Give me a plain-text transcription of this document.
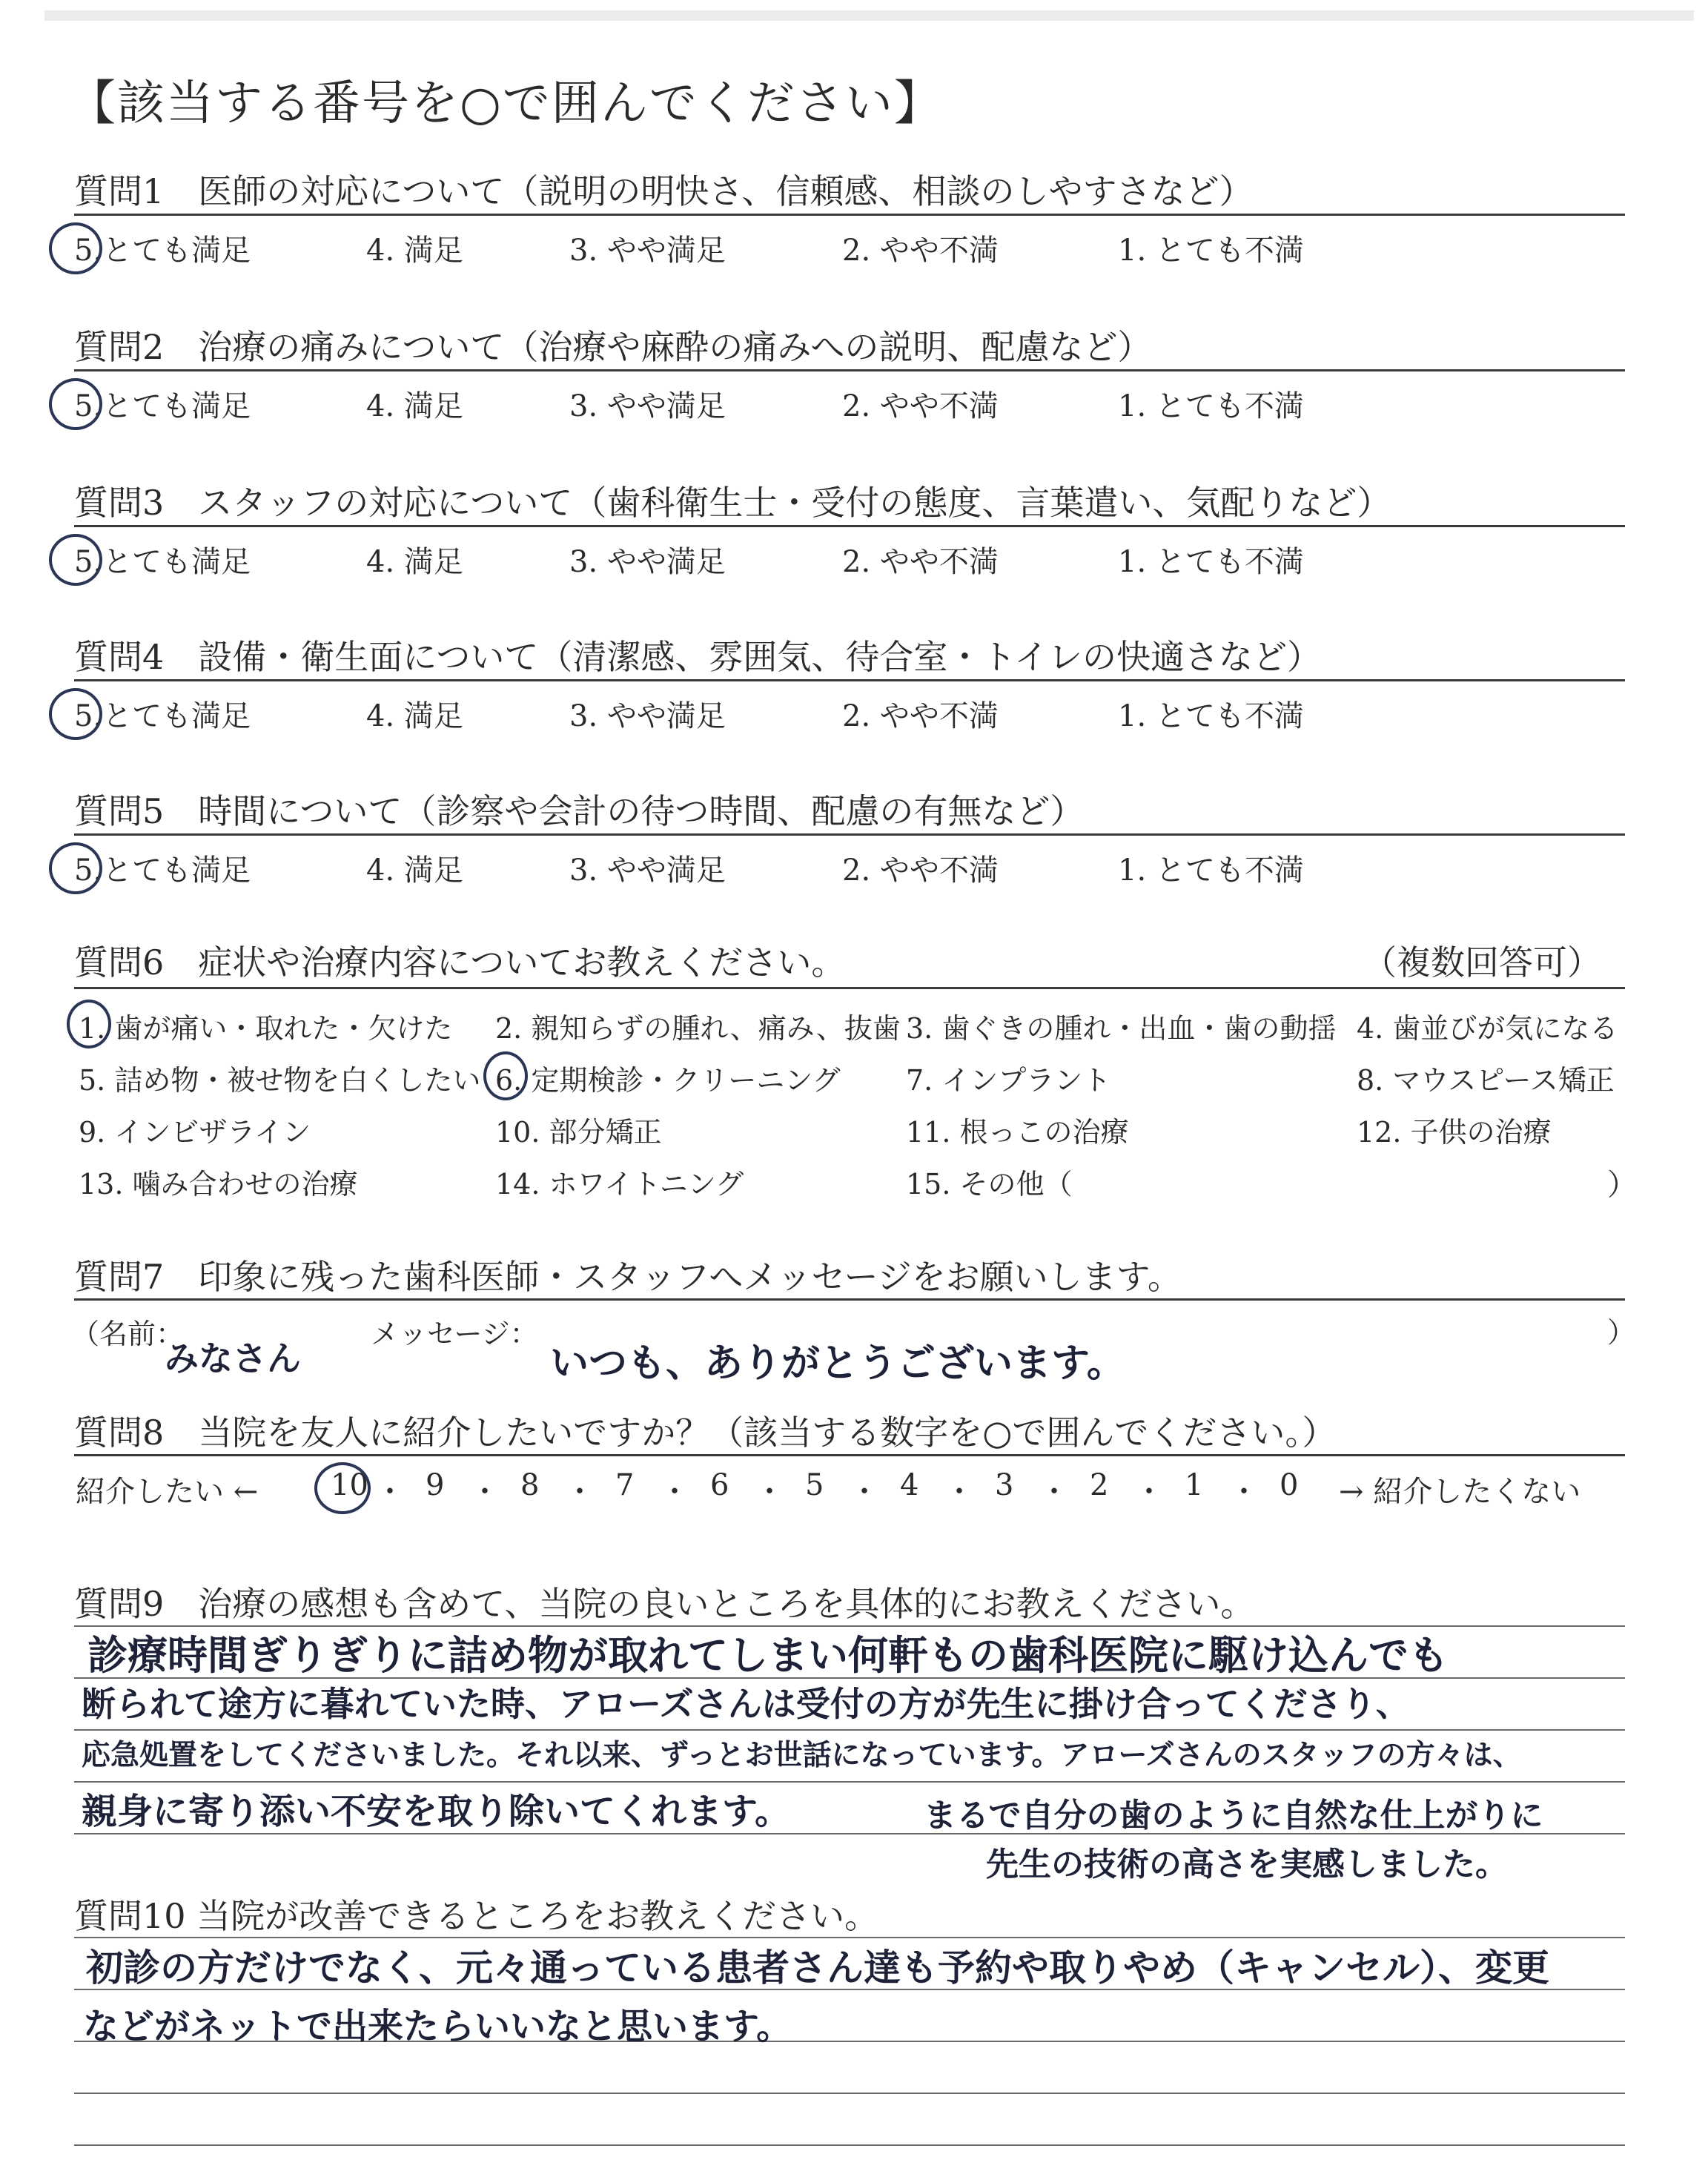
【該当する番号を○で囲んでください】
質問1　医師の対応について（説明の明快さ、信頼感、相談のしやすさなど）
5.とても満足	4. 満足	3. やや満足	2. やや不満	1. とても不満
質問2　治療の痛みについて（治療や麻酔の痛みへの説明、配慮など）
5.とても満足	4. 満足	3. やや満足	2. やや不満	1. とても不満
質問3　スタッフの対応について（歯科衛生士・受付の態度、言葉遣い、気配りなど）
5.とても満足	4. 満足	3. やや満足	2. やや不満	1. とても不満
質問4　設備・衛生面について（清潔感、雰囲気、待合室・トイレの快適さなど）
5.とても満足	4. 満足	3. やや満足	2. やや不満	1. とても不満
質問5　時間について（診察や会計の待つ時間、配慮の有無など）
5.とても満足	4. 満足	3. やや満足	2. やや不満	1. とても不満
質問6　症状や治療内容についてお教えください。	（複数回答可）
1. 歯が痛い・取れた・欠けた 2. 親知らずの腫れ、痛み、抜歯 3. 歯ぐきの腫れ・出血・歯の動揺 4. 歯並びが気になる
5. 詰め物・被せ物を白くしたい 6. 定期検診・クリーニング 7. インプラント	8. マウスピース矯正
9. インビザライン	10. 部分矯正	11. 根っこの治療	12. 子供の治療
13. 噛み合わせの治療	14. ホワイトニング	15. その他（	）
質問7　印象に残った歯科医師・スタッフへメッセージをお願いします。
（名前：
みなさん
メッセージ：
いつも、ありがとうございます。
）
質問8　当院を友人に紹介したいですか？（該当する数字を○で囲んでください。）
紹介したい ← 10 ・ 9 ・ 8 ・ 7 ・ 6 ・ 5 ・ 4 ・ 3 ・ 2 ・ 1 ・ 0 → 紹介したくない
質問9　治療の感想も含めて、当院の良いところを具体的にお教えください。
診療時間ぎりぎりに詰め物が取れてしまい何軒もの歯科医院に駆け込んでも
断られて途方に暮れていた時、アローズさんは受付の方が先生に掛け合ってくださり、
応急処置をしてくださいました。それ以来、ずっとお世話になっています。アローズさんのスタッフの方々は、
親身に寄り添い不安を取り除いてくれます。	まるで自分の歯のように自然な仕上がりに
先生の技術の高さを実感しました。
質問10 当院が改善できるところをお教えください。
初診の方だけでなく、元々通っている患者さん達も予約や取りやめ（キャンセル）、変更
などがネットで出来たらいいなと思います。
